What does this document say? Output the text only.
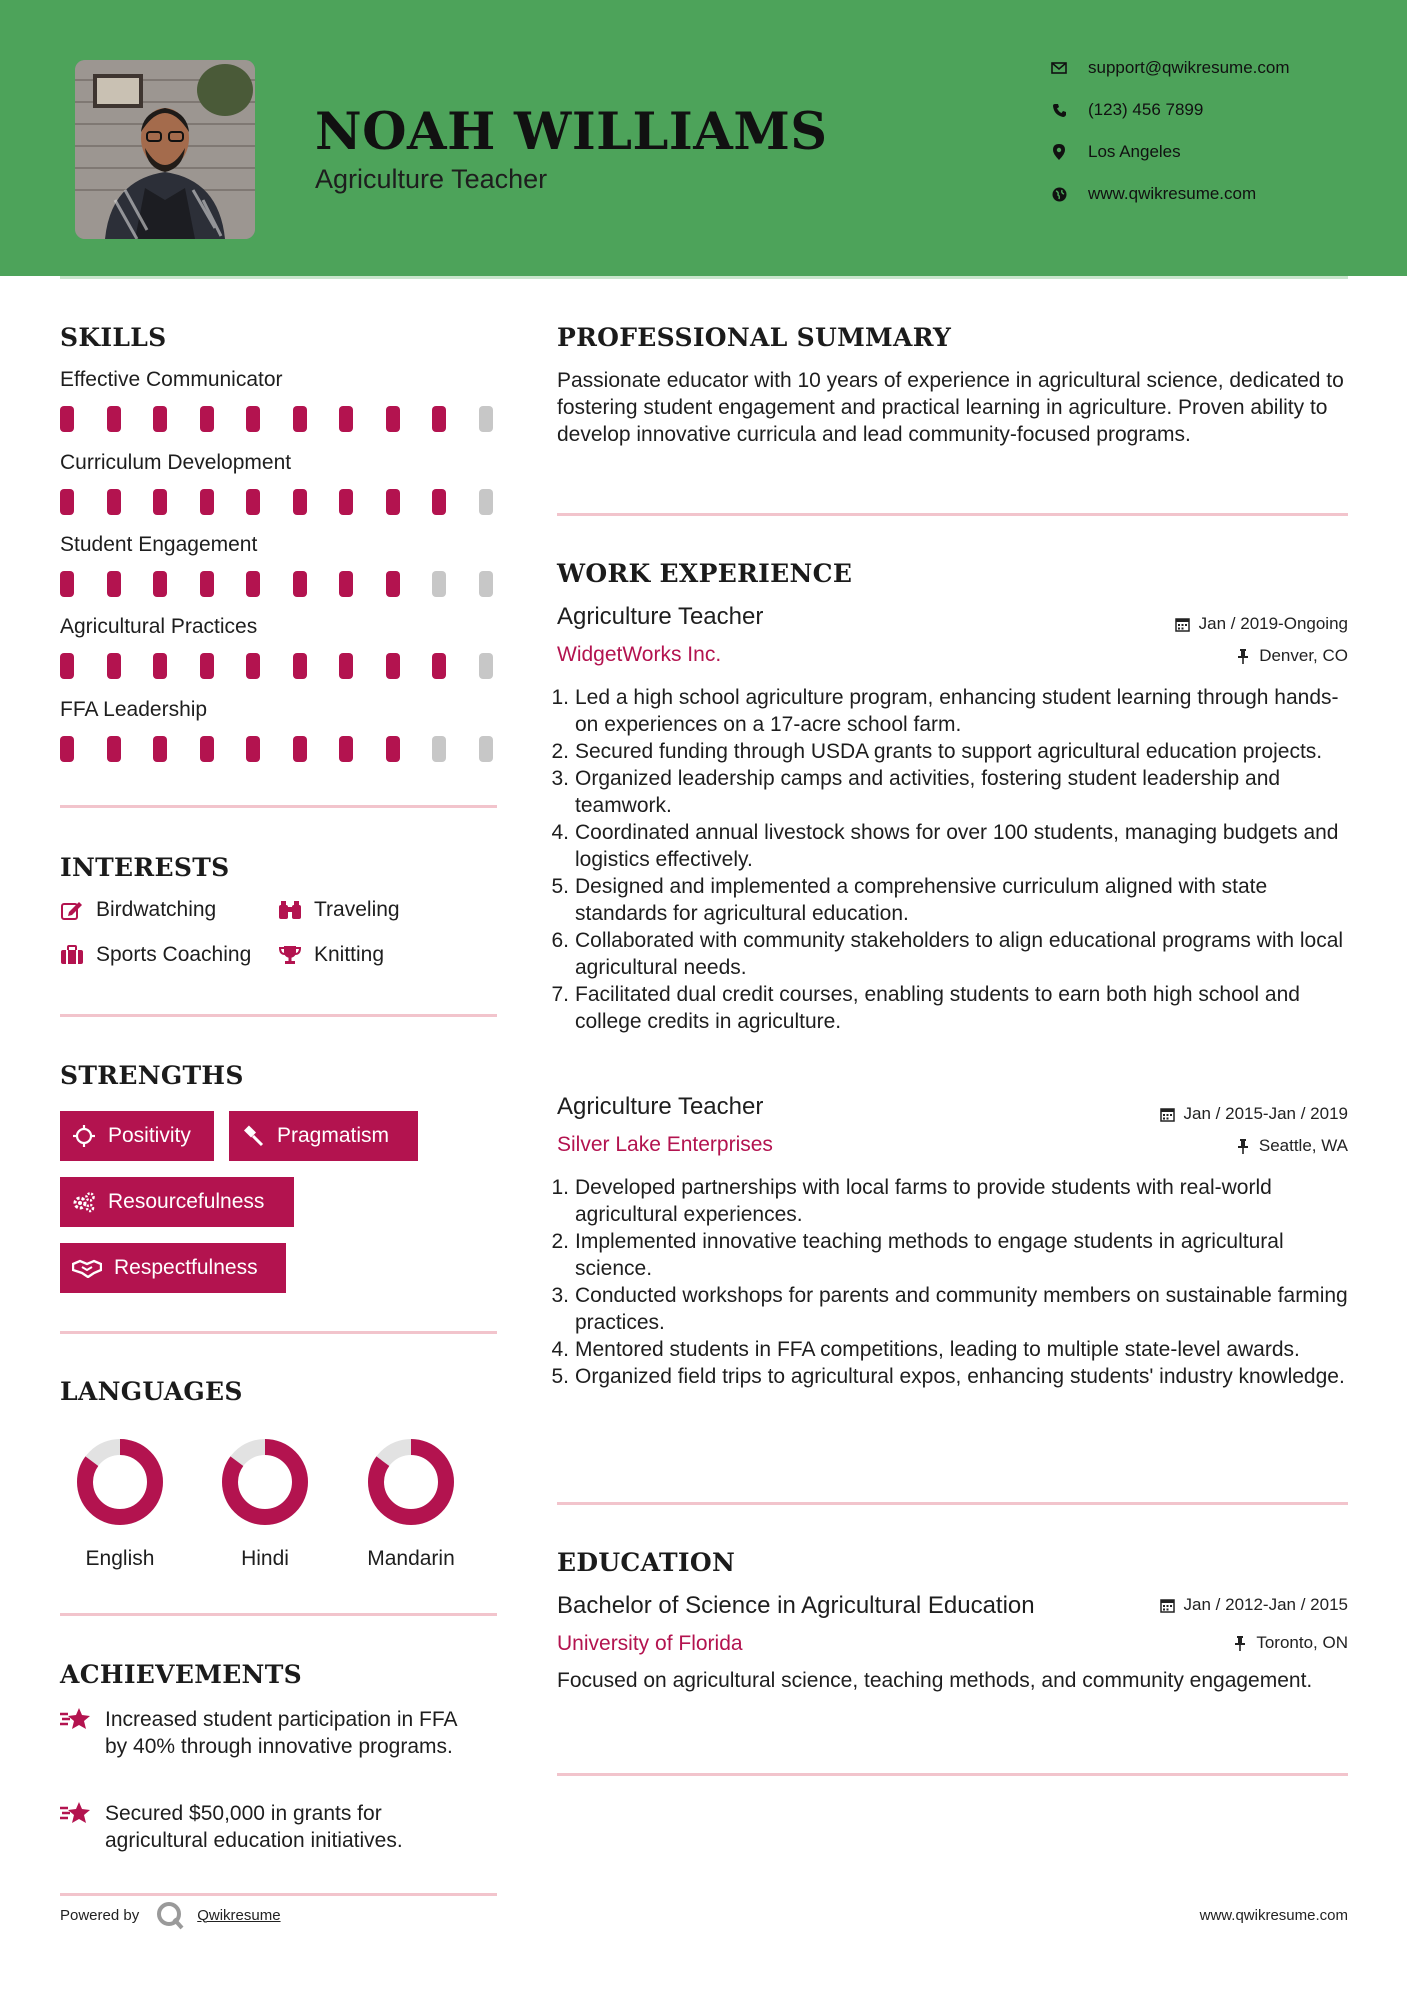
NOAH WILLIAMS
Agriculture Teacher
support@qwikresume.com
(123) 456 7899
Los Angeles
www.qwikresume.com
SKILLS
Effective Communicator
Curriculum Development
Student Engagement
Agricultural Practices
FFA Leadership
INTERESTS
Birdwatching	Traveling
Sports Coaching	Knitting
STRENGTHS
Positivity	Pragmatism
Resourcefulness
Respectfulness
LANGUAGES
English	Hindi	Mandarin
ACHIEVEMENTS
Increased student participation in FFA by 40% through innovative programs.
Secured $50,000 in grants for agricultural education initiatives.
PROFESSIONAL SUMMARY
Passionate educator with 10 years of experience in agricultural science, dedicated to fostering student engagement and practical learning in agriculture. Proven ability to develop innovative curricula and lead community-focused programs.
WORK EXPERIENCE
Agriculture Teacher	Jan / 2019-Ongoing
WidgetWorks Inc.	Denver, CO
1. Led a high school agriculture program, enhancing student learning through hands-on experiences on a 17-acre school farm.
2. Secured funding through USDA grants to support agricultural education projects.
3. Organized leadership camps and activities, fostering student leadership and teamwork.
4. Coordinated annual livestock shows for over 100 students, managing budgets and logistics effectively.
5. Designed and implemented a comprehensive curriculum aligned with state standards for agricultural education.
6. Collaborated with community stakeholders to align educational programs with local agricultural needs.
7. Facilitated dual credit courses, enabling students to earn both high school and college credits in agriculture.
Agriculture Teacher	Jan / 2015-Jan / 2019
Silver Lake Enterprises	Seattle, WA
1. Developed partnerships with local farms to provide students with real-world agricultural experiences.
2. Implemented innovative teaching methods to engage students in agricultural science.
3. Conducted workshops for parents and community members on sustainable farming practices.
4. Mentored students in FFA competitions, leading to multiple state-level awards.
5. Organized field trips to agricultural expos, enhancing students' industry knowledge.
EDUCATION
Bachelor of Science in Agricultural Education	Jan / 2012-Jan / 2015
University of Florida	Toronto, ON
Focused on agricultural science, teaching methods, and community engagement.
Powered by	Qwikresume	www.qwikresume.com
